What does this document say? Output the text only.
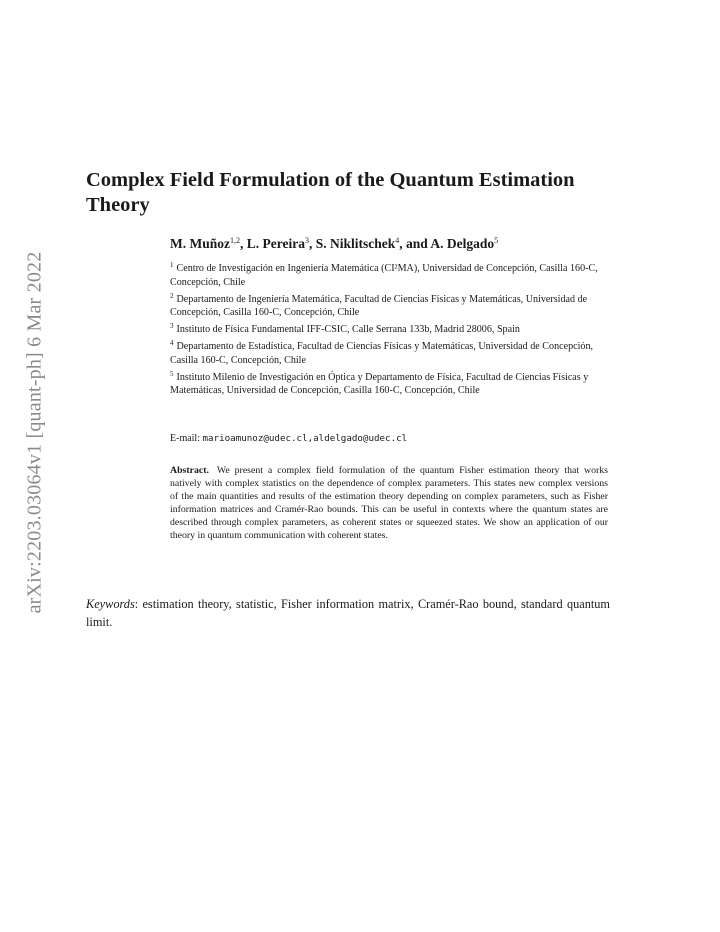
arXiv:2203.03064v1 [quant-ph] 6 Mar 2022
Complex Field Formulation of the Quantum Estimation Theory

M. Muñoz$^{1,2}$, L. Pereira$^3$, S. Niklitschek$^4$, and A. Delgado$^5$

$^1$ Centro de Investigación en Ingeniería Matemática (CI²MA), Universidad de Concepción, Casilla 160-C, Concepción, Chile

$^2$ Departamento de Ingeniería Matemática, Facultad de Ciencias Físicas y Matemáticas, Universidad de Concepción, Casilla 160-C, Concepción, Chile

$^3$ Instituto de Física Fundamental IFF-CSIC, Calle Serrana 133b, Madrid 28006, Spain

$^4$ Departamento de Estadística, Facultad de Ciencias Físicas y Matemáticas, Universidad de Concepción, Casilla 160-C, Concepción, Chile

$^5$ Instituto Milenio de Investigación en Óptica y Departamento de Física, Facultad de Ciencias Físicas y Matemáticas, Universidad de Concepción, Casilla 160-C, Concepción, Chile

E-mail: marioamunoz@udec.cl,aldelgado@udec.cl

Abstract. We present a complex field formulation of the quantum Fisher estimation theory that works natively with complex statistics on the dependence of complex parameters. This states new complex versions of the main quantities and results of the estimation theory depending on complex parameters, such as Fisher information matrices and Cramér-Rao bounds. This can be useful in contexts where the quantum states are described through complex parameters, as coherent states or squeezed states. We show an application of our theory in quantum communication with coherent states.

Keywords: estimation theory, statistic, Fisher information matrix, Cramér-Rao bound, standard quantum limit.
